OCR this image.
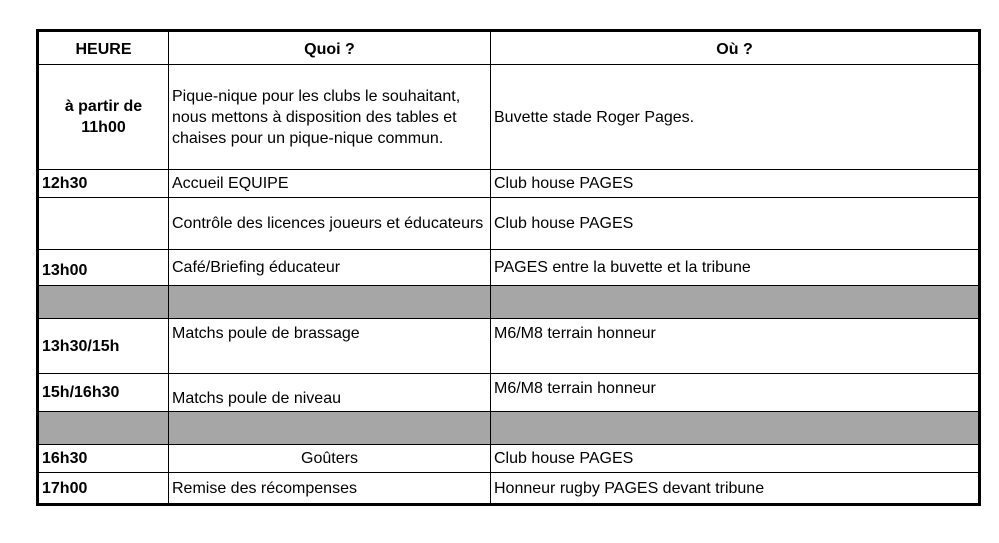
HEURE	Quoi ?	Où ?
à partir de 11h00	Pique-nique pour les clubs le souhaitant, nous mettons à disposition des tables et chaises pour un pique-nique commun.	Buvette stade Roger Pages.
12h30	Accueil EQUIPE	Club house PAGES
	Contrôle des licences joueurs et éducateurs	Club house PAGES
13h00	Café/Briefing éducateur	PAGES entre la buvette et la tribune

13h30/15h	Matchs poule de brassage	M6/M8 terrain honneur
15h/16h30	Matchs poule de niveau	M6/M8 terrain honneur

16h30	Goûters	Club house PAGES
17h00	Remise des récompenses	Honneur rugby PAGES devant tribune
